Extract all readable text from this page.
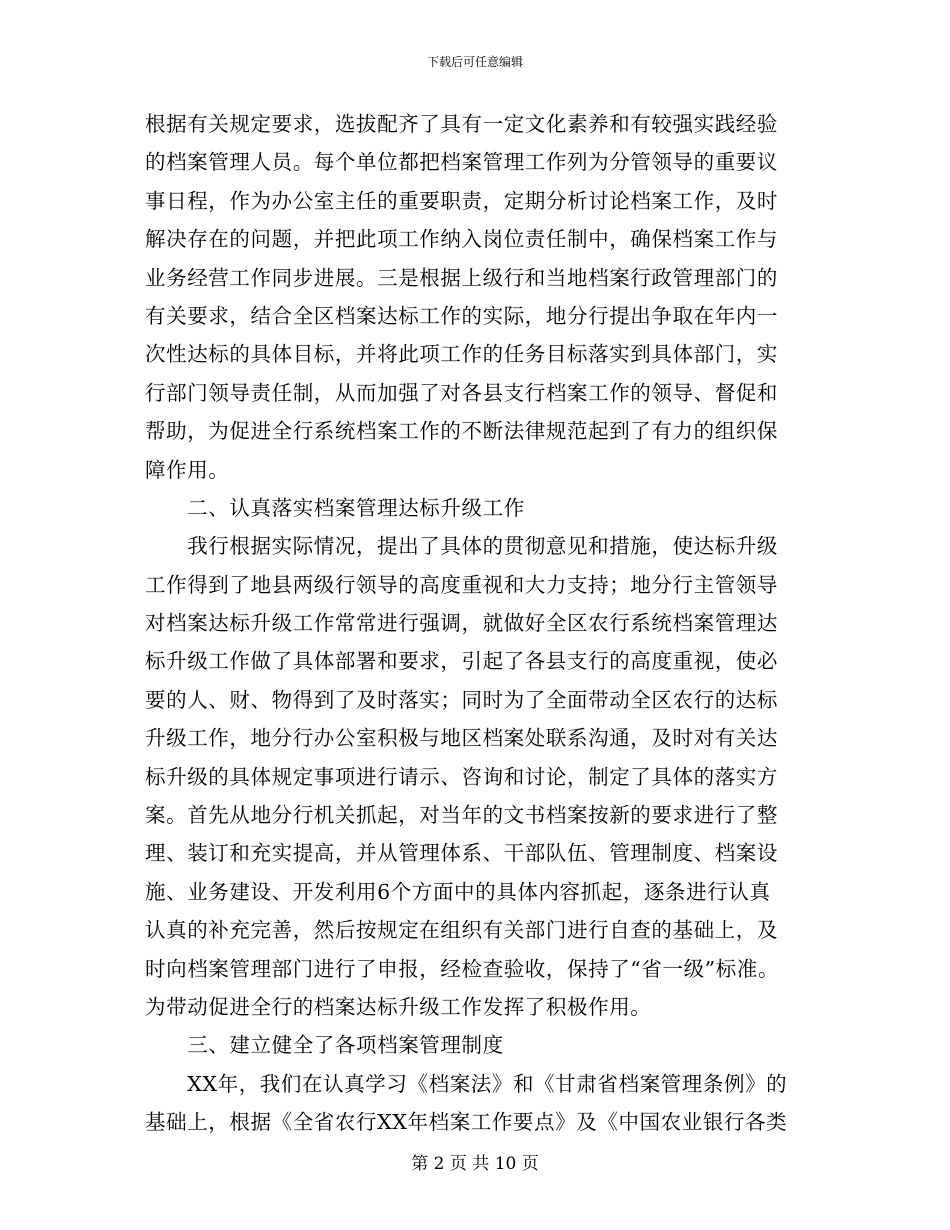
下载后可任意编辑
根据有关规定要求，选拔配齐了具有一定文化素养和有较强实践经验
的档案管理人员。每个单位都把档案管理工作列为分管领导的重要议
事日程，作为办公室主任的重要职责，定期分析讨论档案工作，及时
解决存在的问题，并把此项工作纳入岗位责任制中，确保档案工作与
业务经营工作同步进展。三是根据上级行和当地档案行政管理部门的
有关要求，结合全区档案达标工作的实际，地分行提出争取在年内一
次性达标的具体目标，并将此项工作的任务目标落实到具体部门，实
行部门领导责任制，从而加强了对各县支行档案工作的领导、督促和
帮助，为促进全行系统档案工作的不断法律规范起到了有力的组织保
障作用。
　　二、认真落实档案管理达标升级工作
　　我行根据实际情况，提出了具体的贯彻意见和措施，使达标升级
工作得到了地县两级行领导的高度重视和大力支持；地分行主管领导
对档案达标升级工作常常进行强调，就做好全区农行系统档案管理达
标升级工作做了具体部署和要求，引起了各县支行的高度重视，使必
要的人、财、物得到了及时落实；同时为了全面带动全区农行的达标
升级工作，地分行办公室积极与地区档案处联系沟通，及时对有关达
标升级的具体规定事项进行请示、咨询和讨论，制定了具体的落实方
案。首先从地分行机关抓起，对当年的文书档案按新的要求进行了整
理、装订和充实提高，并从管理体系、干部队伍、管理制度、档案设
施、业务建设、开发利用6个方面中的具体内容抓起，逐条进行认真
认真的补充完善，然后按规定在组织有关部门进行自查的基础上，及
时向档案管理部门进行了申报，经检查验收，保持了“省一级”标准。
为带动促进全行的档案达标升级工作发挥了积极作用。
　　三、建立健全了各项档案管理制度
　　XX年，我们在认真学习《档案法》和《甘肃省档案管理条例》的
基础上，根据《全省农行XX年档案工作要点》及《中国农业银行各类
第 2 页 共 10 页
